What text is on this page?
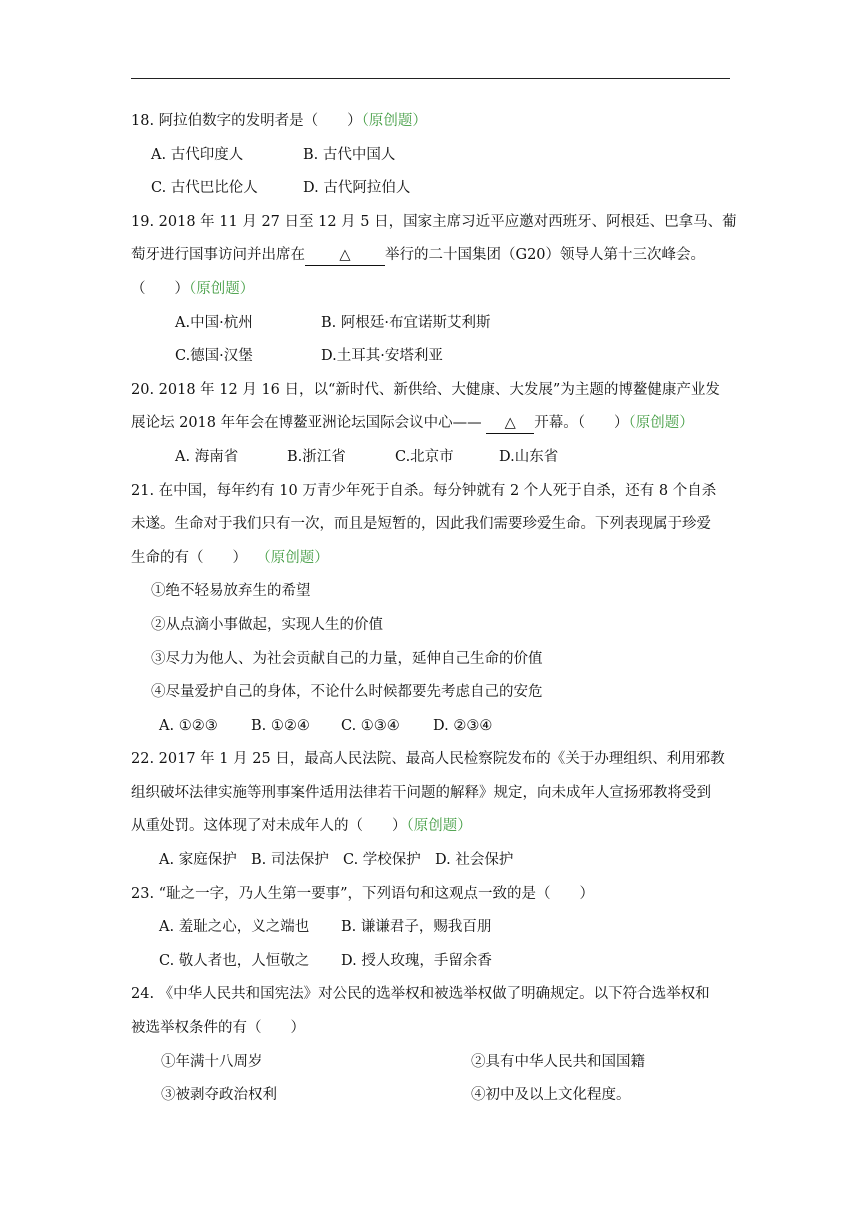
18. 阿拉伯数字的发明者是（　　）（原创题）
A. 古代印度人	B. 古代中国人
C. 古代巴比伦人	D. 古代阿拉伯人
19. 2018 年 11 月 27 日至 12 月 5 日，国家主席习近平应邀对西班牙、阿根廷、巴拿马、葡
萄牙进行国事访问并出席在 △ 举行的二十国集团（G20）领导人第十三次峰会。
（　　）（原创题）
A.中国·杭州	B. 阿根廷·布宜诺斯艾利斯
C.德国·汉堡	D.土耳其·安塔利亚
20. 2018 年 12 月 16 日，以“新时代、新供给、大健康、大发展”为主题的博鳌健康产业发
展论坛 2018 年年会在博鳌亚洲论坛国际会议中心—— △ 开幕。（　　）（原创题）
A. 海南省	B.浙江省	C.北京市	D.山东省
21. 在中国，每年约有 10 万青少年死于自杀。每分钟就有 2 个人死于自杀，还有 8 个自杀
未遂。生命对于我们只有一次，而且是短暂的，因此我们需要珍爱生命。下列表现属于珍爱
生命的有（　　） （原创题）
①绝不轻易放弃生的希望
②从点滴小事做起，实现人生的价值
③尽力为他人、为社会贡献自己的力量，延伸自己生命的价值
④尽量爱护自己的身体，不论什么时候都要先考虑自己的安危
A. ①②③ B. ①②④ C. ①③④ D. ②③④
22. 2017 年 1 月 25 日，最高人民法院、最高人民检察院发布的《关于办理组织、利用邪教
组织破坏法律实施等刑事案件适用法律若干问题的解释》规定，向未成年人宣扬邪教将受到
从重处罚。这体现了对未成年人的（　　）（原创题）
A. 家庭保护 B. 司法保护 C. 学校保护 D. 社会保护
23. “耻之一字，乃人生第一要事”，下列语句和这观点一致的是（　　）
A. 羞耻之心，义之端也 B. 谦谦君子，赐我百朋
C. 敬人者也，人恒敬之 D. 授人玫瑰，手留余香
24. 《中华人民共和国宪法》对公民的选举权和被选举权做了明确规定。以下符合选举权和
被选举权条件的有（　　）
①年满十八周岁	②具有中华人民共和国国籍
③被剥夺政治权利	④初中及以上文化程度。
